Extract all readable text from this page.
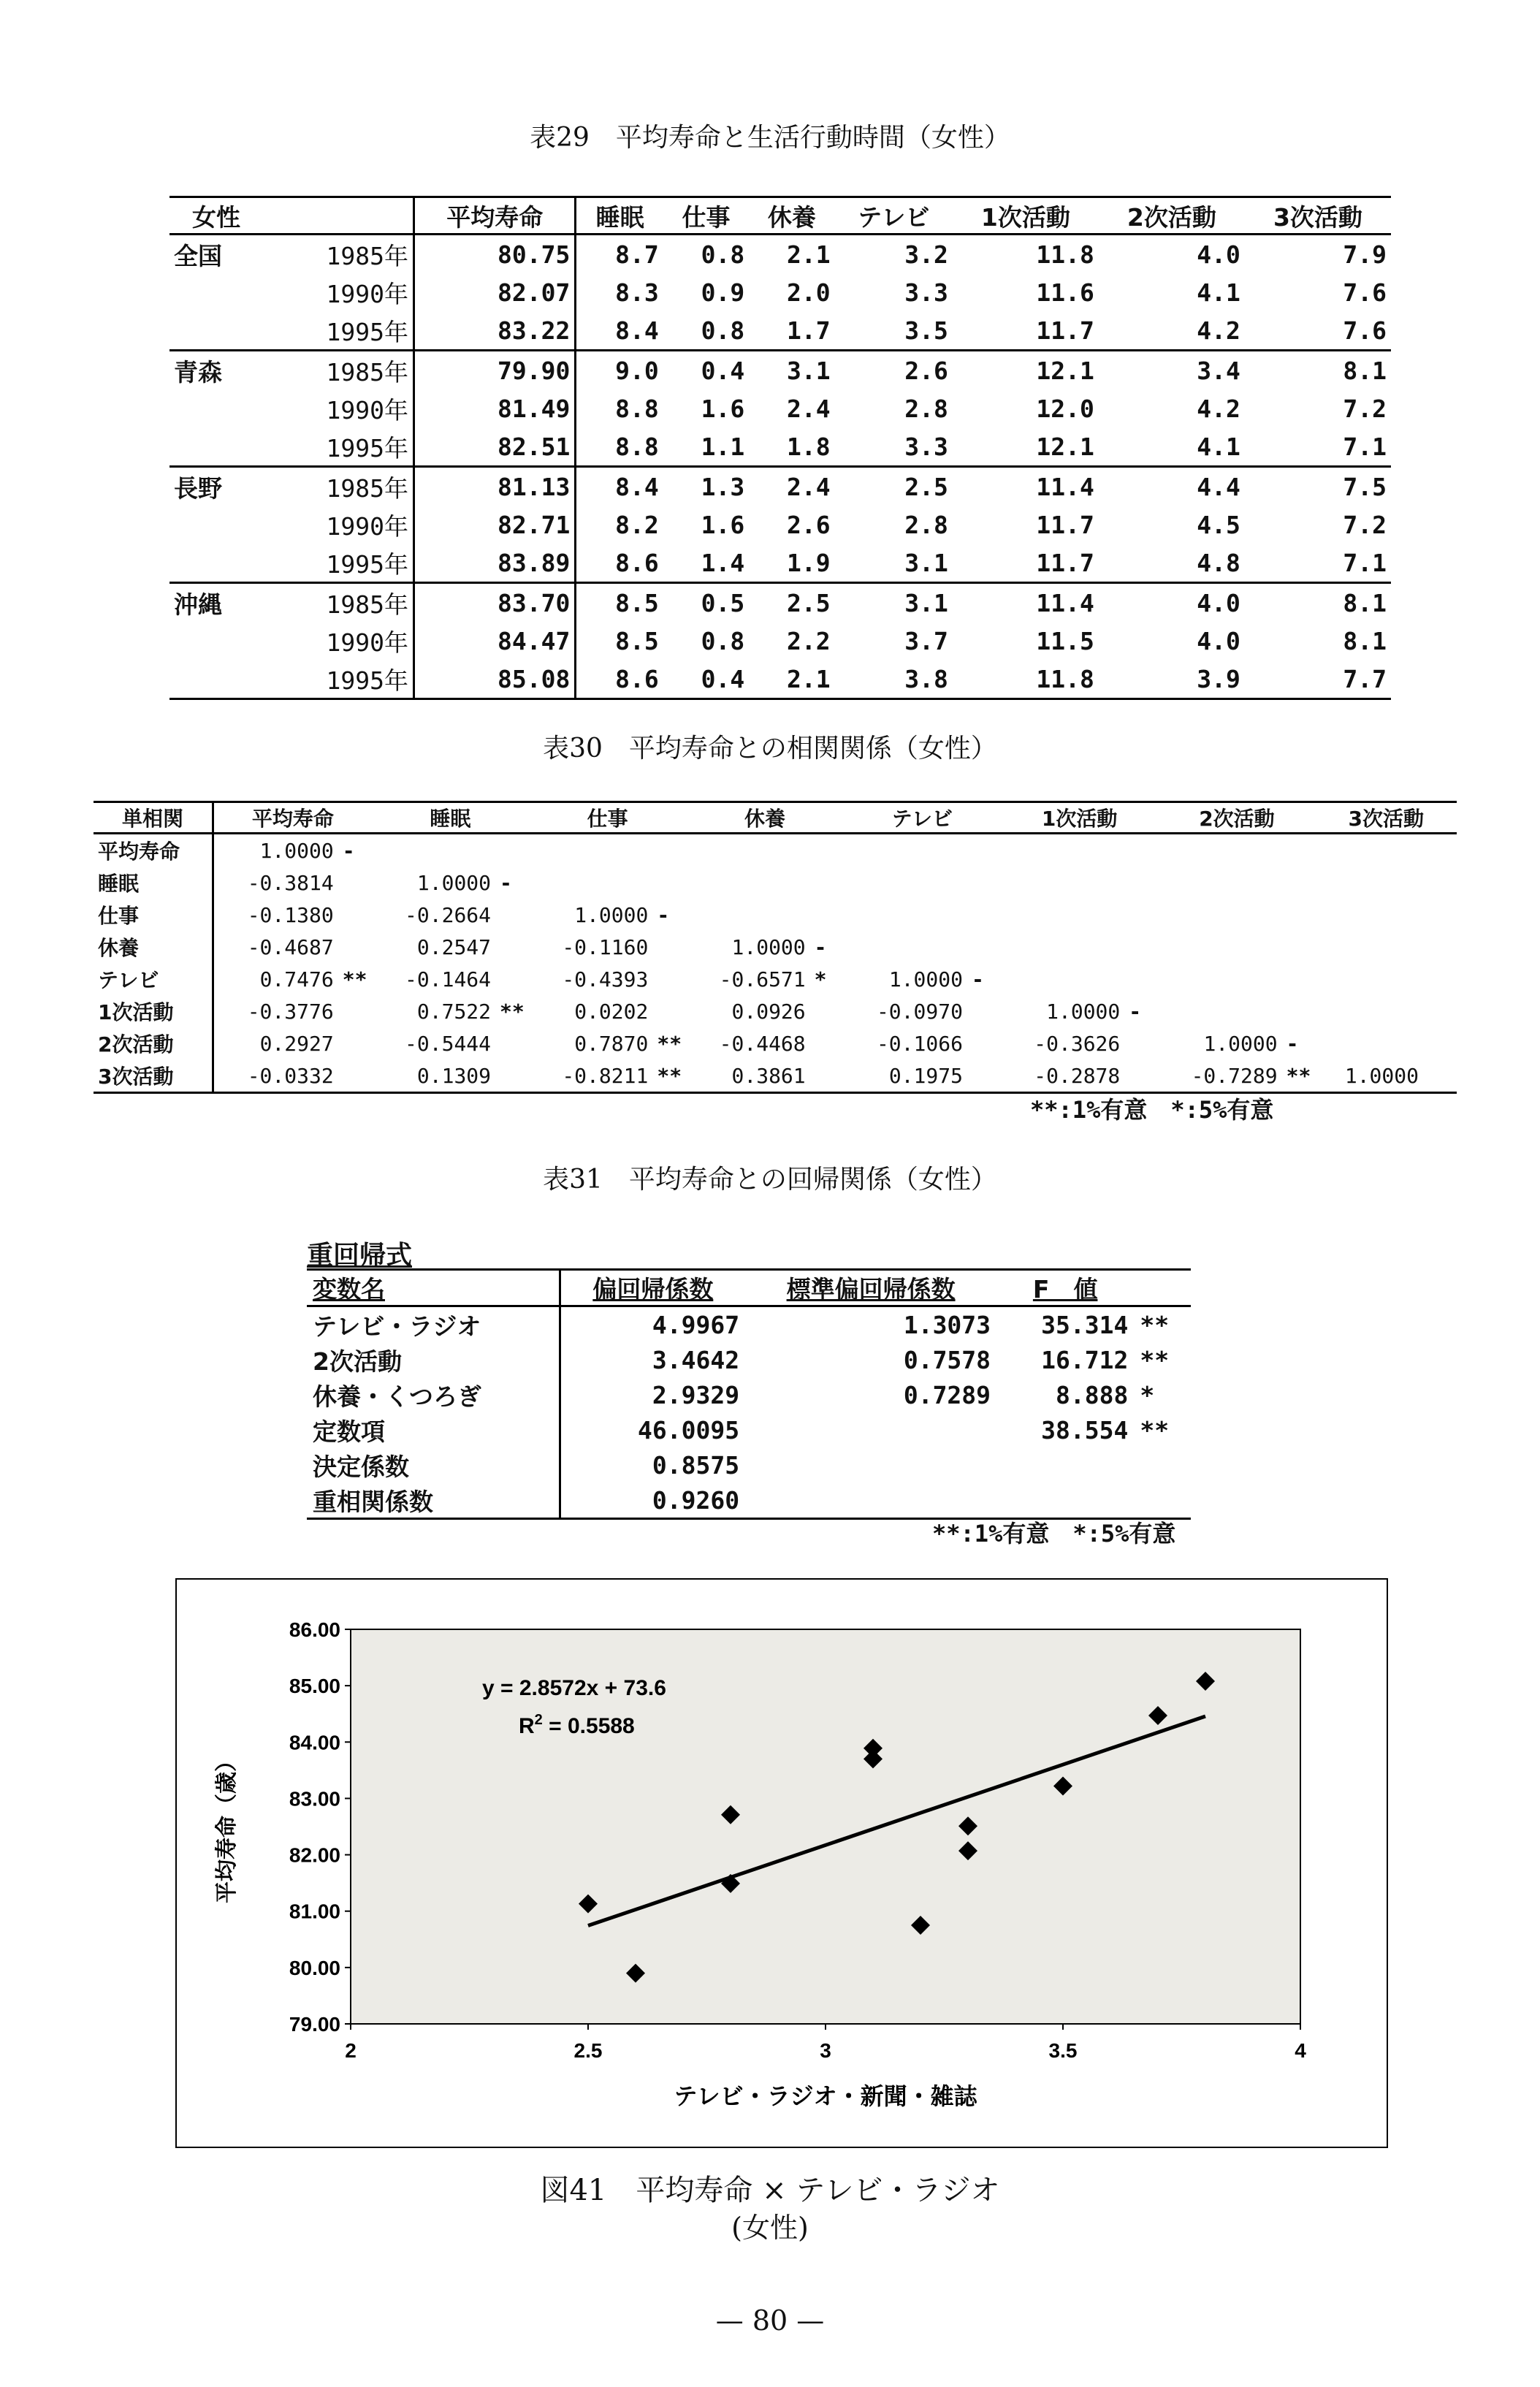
表29　平均寿命と生活行動時間（女性）
女性		平均寿命	睡眠	仕事	休養	テレビ	1次活動	2次活動	3次活動
全国	1985年	80.75	8.7	0.8	2.1	3.2	11.8	4.0	7.9
	1990年	82.07	8.3	0.9	2.0	3.3	11.6	4.1	7.6
	1995年	83.22	8.4	0.8	1.7	3.5	11.7	4.2	7.6
青森	1985年	79.90	9.0	0.4	3.1	2.6	12.1	3.4	8.1
	1990年	81.49	8.8	1.6	2.4	2.8	12.0	4.2	7.2
	1995年	82.51	8.8	1.1	1.8	3.3	12.1	4.1	7.1
長野	1985年	81.13	8.4	1.3	2.4	2.5	11.4	4.4	7.5
	1990年	82.71	8.2	1.6	2.6	2.8	11.7	4.5	7.2
	1995年	83.89	8.6	1.4	1.9	3.1	11.7	4.8	7.1
沖縄	1985年	83.70	8.5	0.5	2.5	3.1	11.4	4.0	8.1
	1990年	84.47	8.5	0.8	2.2	3.7	11.5	4.0	8.1
	1995年	85.08	8.6	0.4	2.1	3.8	11.8	3.9	7.7
表30　平均寿命との相関関係（女性）
単相関	平均寿命		睡眠		仕事		休養		テレビ		1次活動		2次活動		3次活動	
平均寿命	1.0000	-														
睡眠	-0.3814		1.0000	-												
仕事	-0.1380		-0.2664		1.0000	-										
休養	-0.4687		0.2547		-0.1160		1.0000	-								
テレビ	0.7476	**	-0.1464		-0.4393		-0.6571	*	1.0000	-						
1次活動	-0.3776		0.7522	**	0.0202		0.0926		-0.0970		1.0000	-				
2次活動	0.2927		-0.5444		0.7870	**	-0.4468		-0.1066		-0.3626		1.0000	-		
3次活動	-0.0332		0.1309		-0.8211	**	0.3861		0.1975		-0.2878		-0.7289	**	1.0000	
**:1%有意　*:5%有意
表31　平均寿命との回帰関係（女性）
重回帰式
変数名	偏回帰係数	標準偏回帰係数	F　値	
テレビ・ラジオ	4.9967	1.3073	35.314	**
2次活動	3.4642	0.7578	16.712	**
休養・くつろぎ	2.9329	0.7289	8.888	*
定数項	46.0095		38.554	**
決定係数	0.8575			
重相関係数	0.9260			
**:1%有意　*:5%有意
79.00
80.00
81.00
82.00
83.00
84.00
85.00
86.00
2	2.5	3	3.5	4
y = 2.8572x + 73.6
$R^2 = 0.5588$
テレビ・ラジオ・新聞・雑誌
平均寿命（歳）
図41　平均寿命 × テレビ・ラジオ
(女性)
— 80 —
